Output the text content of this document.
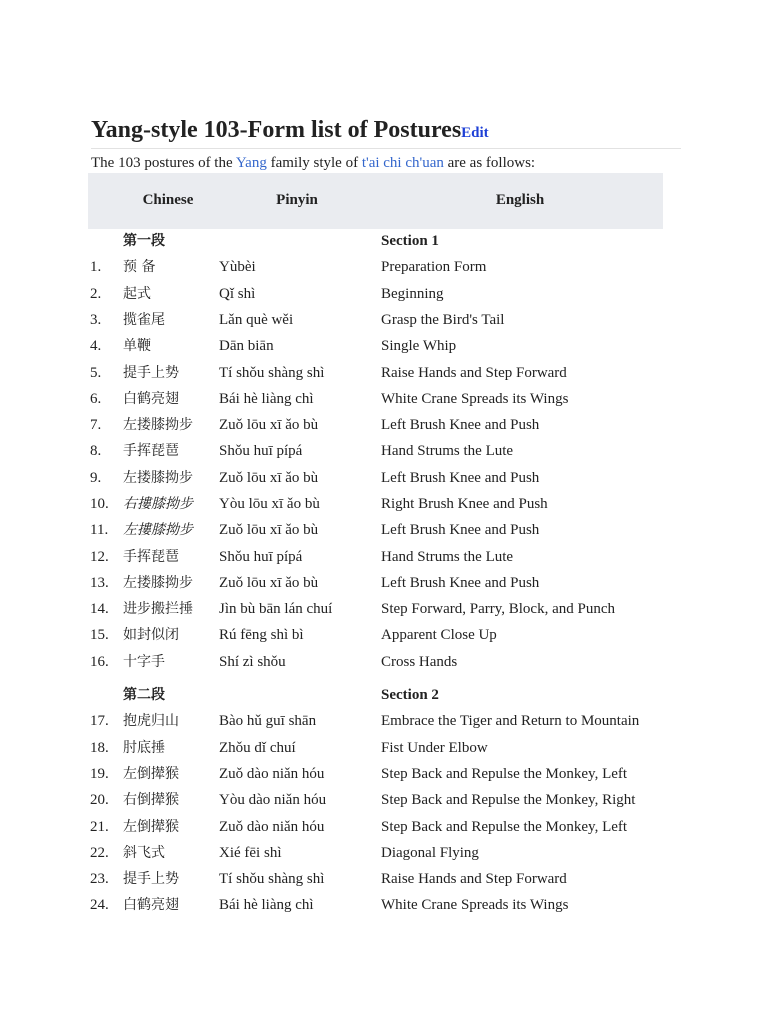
Yang-style 103-Form list of PosturesEdit
The 103 postures of the Yang family style of t'ai chi ch'uan are as follows:
Chinese	Pinyin	English
第一段	Section 1
1. 预 备	Yùbèi	Preparation Form
2. 起式	Qǐ shì	Beginning
3. 揽雀尾	Lǎn què wěi	Grasp the Bird's Tail
4. 单鞭	Dān biān	Single Whip
5. 提手上势	Tí shǒu shàng shì	Raise Hands and Step Forward
6. 白鹤亮翅	Bái hè liàng chì	White Crane Spreads its Wings
7. 左搂膝拗步 Zuǒ lōu xī ǎo bù	Left Brush Knee and Push
8. 手挥琵琶	Shǒu huī pípá	Hand Strums the Lute
9. 左搂膝拗步 Zuǒ lōu xī ǎo bù	Left Brush Knee and Push
10. 右摟膝拗步 Yòu lōu xī ǎo bù	Right Brush Knee and Push
11. 左摟膝拗步 Zuǒ lōu xī ǎo bù	Left Brush Knee and Push
12. 手挥琵琶	Shǒu huī pípá	Hand Strums the Lute
13. 左搂膝拗步 Zuǒ lōu xī ǎo bù	Left Brush Knee and Push
14. 进步搬拦捶 Jìn bù bān lán chuí	Step Forward, Parry, Block, and Punch
15. 如封似闭	Rú fēng shì bì	Apparent Close Up
16. 十字手	Shí zì shǒu	Cross Hands
第二段	Section 2
17. 抱虎归山	Bào hǔ guī shān	Embrace the Tiger and Return to Mountain
18. 肘底捶	Zhǒu dǐ chuí	Fist Under Elbow
19. 左倒撵猴	Zuǒ dào niǎn hóu	Step Back and Repulse the Monkey, Left
20. 右倒撵猴	Yòu dào niǎn hóu	Step Back and Repulse the Monkey, Right
21. 左倒撵猴	Zuǒ dào niǎn hóu	Step Back and Repulse the Monkey, Left
22. 斜飞式	Xié fēi shì	Diagonal Flying
23. 提手上势	Tí shǒu shàng shì	Raise Hands and Step Forward
24. 白鹤亮翅	Bái hè liàng chì	White Crane Spreads its Wings
